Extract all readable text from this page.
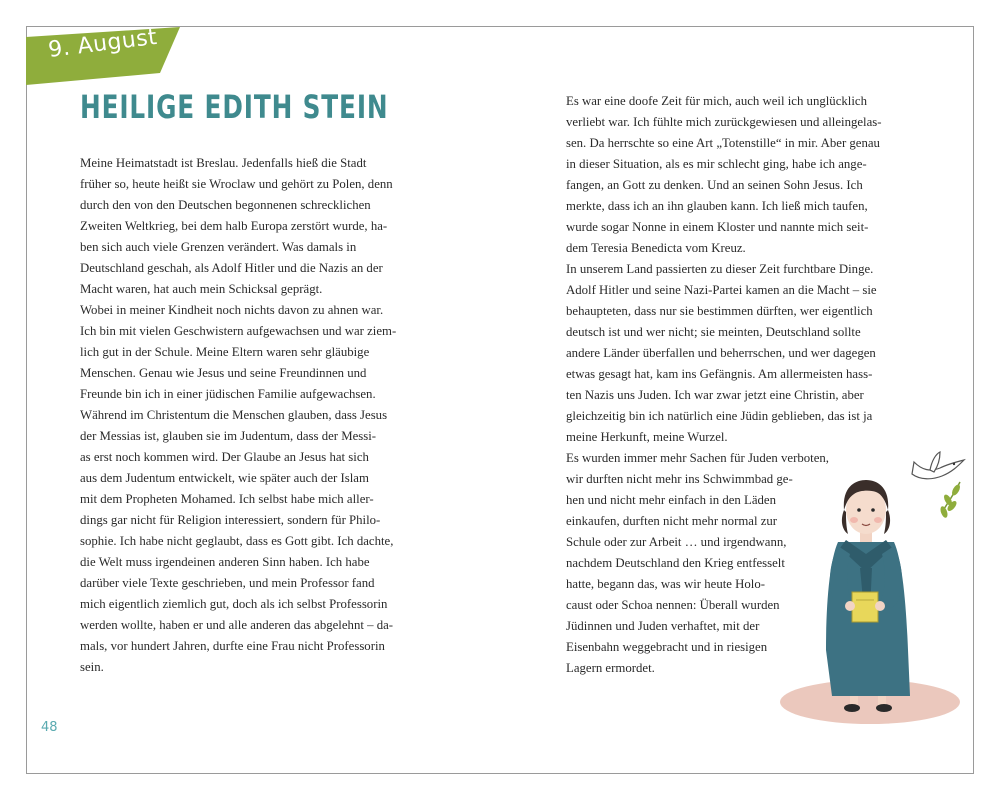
9. August
HEILIGE EDITH STEIN

Meine Heimatstadt ist Breslau. Jedenfalls hieß die Stadt
früher so, heute heißt sie Wroclaw und gehört zu Polen, denn
durch den von den Deutschen begonnenen schrecklichen
Zweiten Weltkrieg, bei dem halb Europa zerstört wurde, ha-
ben sich auch viele Grenzen verändert. Was damals in
Deutschland geschah, als Adolf Hitler und die Nazis an der
Macht waren, hat auch mein Schicksal geprägt.
Wobei in meiner Kindheit noch nichts davon zu ahnen war.
Ich bin mit vielen Geschwistern aufgewachsen und war ziem-
lich gut in der Schule. Meine Eltern waren sehr gläubige
Menschen. Genau wie Jesus und seine Freundinnen und
Freunde bin ich in einer jüdischen Familie aufgewachsen.
Während im Christentum die Menschen glauben, dass Jesus
der Messias ist, glauben sie im Judentum, dass der Messi-
as erst noch kommen wird. Der Glaube an Jesus hat sich
aus dem Judentum entwickelt, wie später auch der Islam
mit dem Propheten Mohamed. Ich selbst habe mich aller-
dings gar nicht für Religion interessiert, sondern für Philo-
sophie. Ich habe nicht geglaubt, dass es Gott gibt. Ich dachte,
die Welt muss irgendeinen anderen Sinn haben. Ich habe
darüber viele Texte geschrieben, und mein Professor fand
mich eigentlich ziemlich gut, doch als ich selbst Professorin
werden wollte, haben er und alle anderen das abgelehnt – da-
mals, vor hundert Jahren, durfte eine Frau nicht Professorin
sein.

Es war eine doofe Zeit für mich, auch weil ich unglücklich
verliebt war. Ich fühlte mich zurückgewiesen und alleingelas-
sen. Da herrschte so eine Art „Totenstille“ in mir. Aber genau
in dieser Situation, als es mir schlecht ging, habe ich ange-
fangen, an Gott zu denken. Und an seinen Sohn Jesus. Ich
merkte, dass ich an ihn glauben kann. Ich ließ mich taufen,
wurde sogar Nonne in einem Kloster und nannte mich seit-
dem Teresia Benedicta vom Kreuz.
In unserem Land passierten zu dieser Zeit furchtbare Dinge.
Adolf Hitler und seine Nazi-Partei kamen an die Macht – sie
behaupteten, dass nur sie bestimmen dürften, wer eigentlich
deutsch ist und wer nicht; sie meinten, Deutschland sollte
andere Länder überfallen und beherrschen, und wer dagegen
etwas gesagt hat, kam ins Gefängnis. Am allermeisten hass-
ten Nazis uns Juden. Ich war zwar jetzt eine Christin, aber
gleichzeitig bin ich natürlich eine Jüdin geblieben, das ist ja
meine Herkunft, meine Wurzel.
Es wurden immer mehr Sachen für Juden verboten,
wir durften nicht mehr ins Schwimmbad ge-
hen und nicht mehr einfach in den Läden
einkaufen, durften nicht mehr normal zur
Schule oder zur Arbeit … und irgendwann,
nachdem Deutschland den Krieg entfesselt
hatte, begann das, was wir heute Holo-
caust oder Schoa nennen: Überall wurden
Jüdinnen und Juden verhaftet, mit der
Eisenbahn weggebracht und in riesigen
Lagern ermordet.

48
